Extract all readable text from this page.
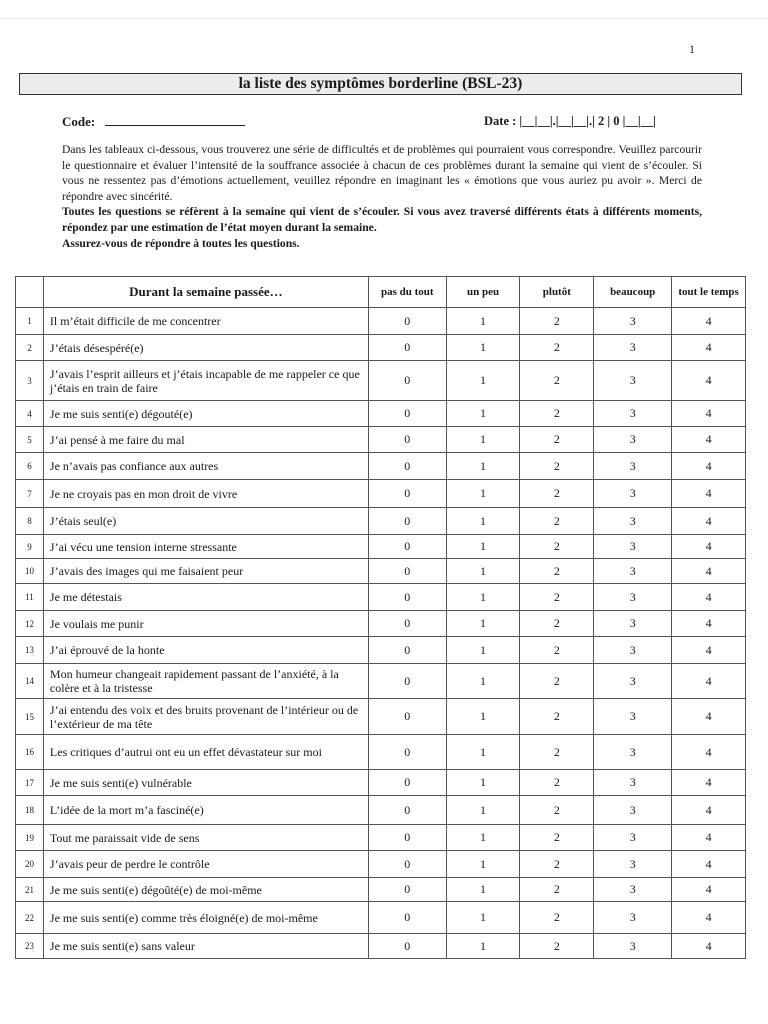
1
la liste des symptômes borderline (BSL-23)
Code:	Date : |__|__|.|__|__|.| 2 | 0 |__|__|

Dans les tableaux ci-dessous, vous trouverez une série de difficultés et de problèmes qui pourraient vous correspondre. Veuillez parcourir le questionnaire et évaluer l’intensité de la souffrance associée à chacun de ces problèmes durant la semaine qui vient de s’écouler. Si vous ne ressentez pas d’émotions actuellement, veuillez répondre en imaginant les « émotions que vous auriez pu avoir ». Merci de répondre avec sincérité.

Toutes les questions se réfèrent à la semaine qui vient de s’écouler. Si vous avez traversé différents états à différents moments, répondez par une estimation de l’état moyen durant la semaine.

Assurez-vous de répondre à toutes les questions.

	Durant la semaine passée…	pas du tout	un peu	plutôt	beaucoup	tout le temps
1	Il m’était difficile de me concentrer	0	1	2	3	4
2	J’étais désespéré(e)	0	1	2	3	4
3	J’avais l’esprit ailleurs et j’étais incapable de me rappeler ce que j’étais en train de faire	0	1	2	3	4
4	Je me suis senti(e) dégouté(e)	0	1	2	3	4
5	J’ai pensé à me faire du mal	0	1	2	3	4
6	Je n’avais pas confiance aux autres	0	1	2	3	4
7	Je ne croyais pas en mon droit de vivre	0	1	2	3	4
8	J’étais seul(e)	0	1	2	3	4
9	J’ai vécu une tension interne stressante	0	1	2	3	4
10	J’avais des images qui me faisaient peur	0	1	2	3	4
11	Je me détestais	0	1	2	3	4
12	Je voulais me punir	0	1	2	3	4
13	J’ai éprouvé de la honte	0	1	2	3	4
14	Mon humeur changeait rapidement passant de l’anxiété, à la colère et à la tristesse	0	1	2	3	4
15	J’ai entendu des voix et des bruits provenant de l’intérieur ou de l’extérieur de ma tête	0	1	2	3	4
16	Les critiques d’autrui ont eu un effet dévastateur sur moi	0	1	2	3	4
17	Je me suis senti(e) vulnérable	0	1	2	3	4
18	L’idée de la mort m’a fasciné(e)	0	1	2	3	4
19	Tout me paraissait vide de sens	0	1	2	3	4
20	J’avais peur de perdre le contrôle	0	1	2	3	4
21	Je me suis senti(e) dégoûté(e) de moi-même	0	1	2	3	4
22	Je me suis senti(e) comme très éloigné(e) de moi-même	0	1	2	3	4
23	Je me suis senti(e) sans valeur	0	1	2	3	4
